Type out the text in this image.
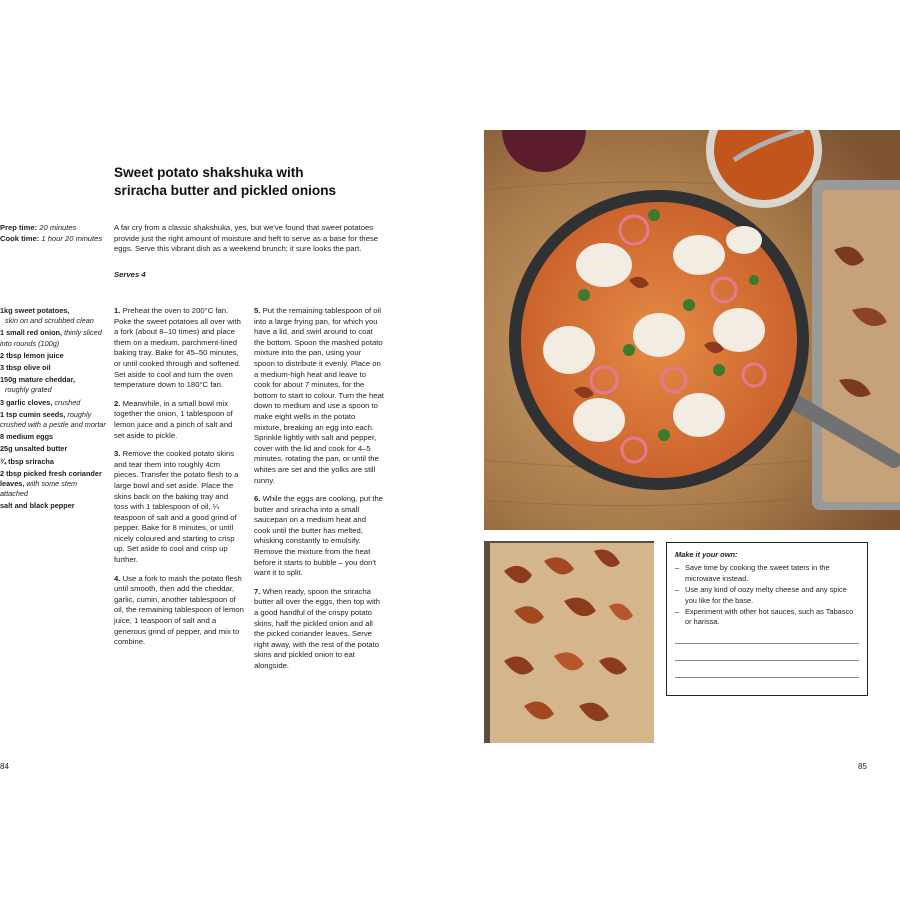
Sweet potato shakshuka with
sriracha butter and pickled onions
Prep time: 20 minutes
Cook time: 1 hour 20 minutes

A far cry from a classic shakshuka, yes, but we've found that sweet potatoes provide just the right amount of moisture and heft to serve as a base for these eggs. Serve this vibrant dish as a weekend brunch; it sure looks the part.

Serves 4
1kg sweet potatoes,
skin on and scrubbed clean
1 small red onion, thinly sliced into rounds (100g)
2 tbsp lemon juice
3 tbsp olive oil
150g mature cheddar,
roughly grated
3 garlic cloves, crushed
1 tsp cumin seeds, roughly crushed with a pestle and mortar
8 medium eggs
25g unsalted butter
¾ tbsp sriracha
2 tbsp picked fresh coriander leaves, with some stem attached
salt and black pepper

1. Preheat the oven to 200°C fan. Poke the sweet potatoes all over with a fork (about 8–10 times) and place them on a medium, parchment-lined baking tray. Bake for 45–50 minutes, or until cooked through and softened. Set aside to cool and turn the oven temperature down to 180°C fan.

2. Meanwhile, in a small bowl mix together the onion, 1 tablespoon of lemon juice and a pinch of salt and set aside to pickle.

3. Remove the cooked potato skins and tear them into roughly 4cm pieces. Transfer the potato flesh to a large bowl and set aside. Place the skins back on the baking tray and toss with 1 tablespoon of oil, ¼ teaspoon of salt and a good grind of pepper. Bake for 8 minutes, or until nicely coloured and starting to crisp up. Set aside to cool and crisp up further.

4. Use a fork to mash the potato flesh until smooth, then add the cheddar, garlic, cumin, another tablespoon of oil, the remaining tablespoon of lemon juice, 1 teaspoon of salt and a generous grind of pepper, and mix to combine.

5. Put the remaining tablespoon of oil into a large frying pan, for which you have a lid, and swirl around to coat the bottom. Spoon the mashed potato mixture into the pan, using your spoon to distribute it evenly. Place on a medium-high heat and leave to cook for about 7 minutes, for the bottom to start to colour. Turn the heat down to medium and use a spoon to make eight wells in the potato mixture, breaking an egg into each. Sprinkle lightly with salt and pepper, cover with the lid and cook for 4–5 minutes, rotating the pan, or until the whites are set and the yolks are still runny.

6. While the eggs are cooking, put the butter and sriracha into a small saucepan on a medium heat and cook until the butter has melted, whisking constantly to emulsify. Remove the mixture from the heat before it starts to bubble – you don't want it to split.

7. When ready, spoon the sriracha butter all over the eggs, then top with a good handful of the crispy potato skins, half the pickled onion and all the picked coriander leaves. Serve right away, with the rest of the potato skins and pickled onion to eat alongside.

Make it your own:
– Save time by cooking the sweet taters in the microwave instead.
– Use any kind of oozy melty cheese and any spice you like for the base.
– Experiment with other hot sauces, such as Tabasco or harissa.
84	85
